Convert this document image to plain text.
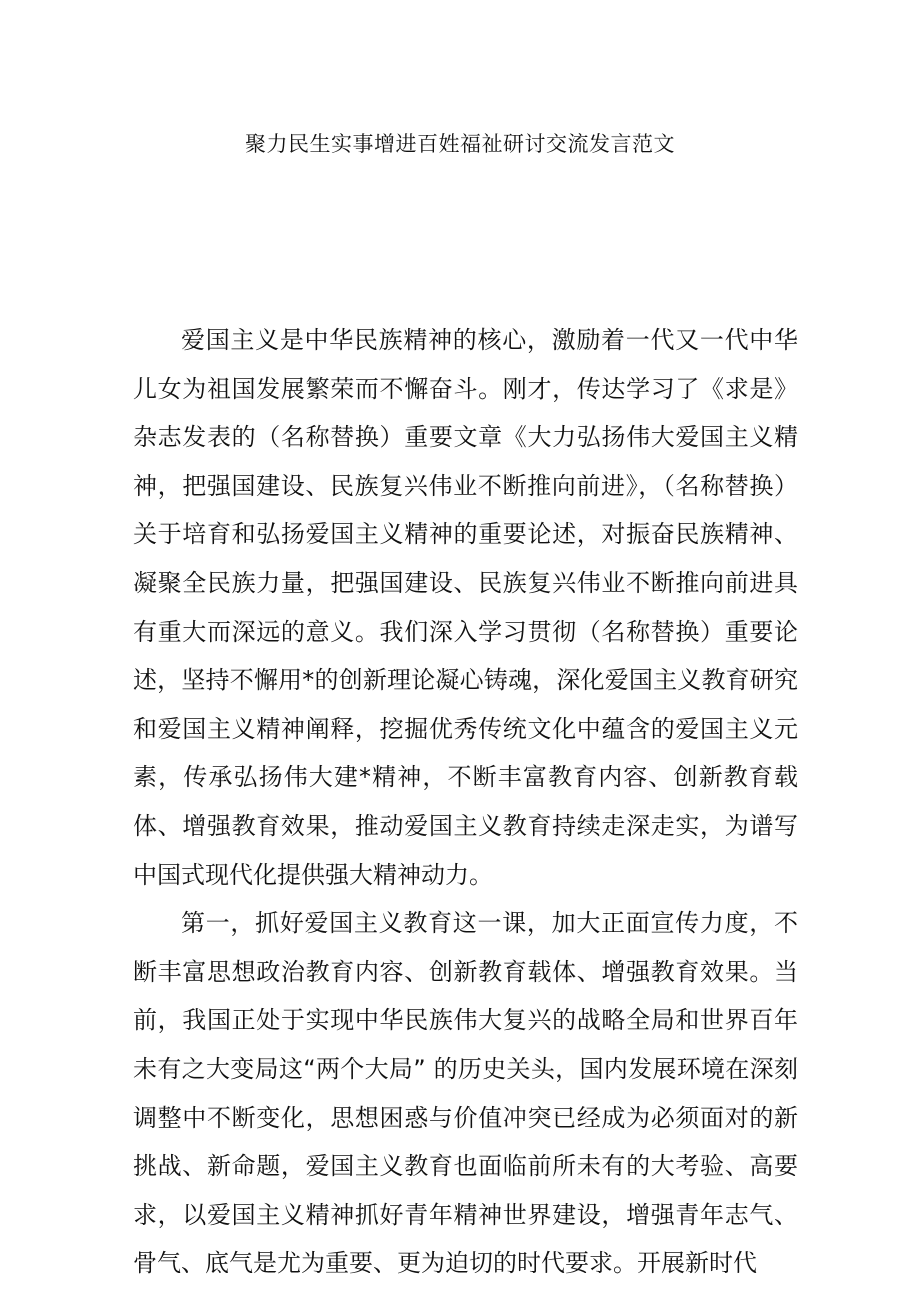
聚力民生实事增进百姓福祉研讨交流发言范文

爱国主义是中华民族精神的核心，激励着一代又一代中华儿女为祖国发展繁荣而不懈奋斗。刚才，传达学习了《求是》杂志发表的（名称替换）重要文章《大力弘扬伟大爱国主义精神，把强国建设、民族复兴伟业不断推向前进》，（名称替换）关于培育和弘扬爱国主义精神的重要论述，对振奋民族精神、凝聚全民族力量，把强国建设、民族复兴伟业不断推向前进具有重大而深远的意义。我们深入学习贯彻（名称替换）重要论述，坚持不懈用*的创新理论凝心铸魂，深化爱国主义教育研究和爱国主义精神阐释，挖掘优秀传统文化中蕴含的爱国主义元素，传承弘扬伟大建*精神，不断丰富教育内容、创新教育载体、增强教育效果，推动爱国主义教育持续走深走实，为谱写中国式现代化提供强大精神动力。

第一，抓好爱国主义教育这一课，加大正面宣传力度，不断丰富思想政治教育内容、创新教育载体、增强教育效果。当前，我国正处于实现中华民族伟大复兴的战略全局和世界百年未有之大变局这“两个大局” 的历史关头，国内发展环境在深刻调整中不断变化，思想困惑与价值冲突已经成为必须面对的新挑战、新命题，爱国主义教育也面临前所未有的大考验、高要求，以爱国主义精神抓好青年精神世界建设，增强青年志气、骨气、底气是尤为重要、更为迫切的时代要求。开展新时代
